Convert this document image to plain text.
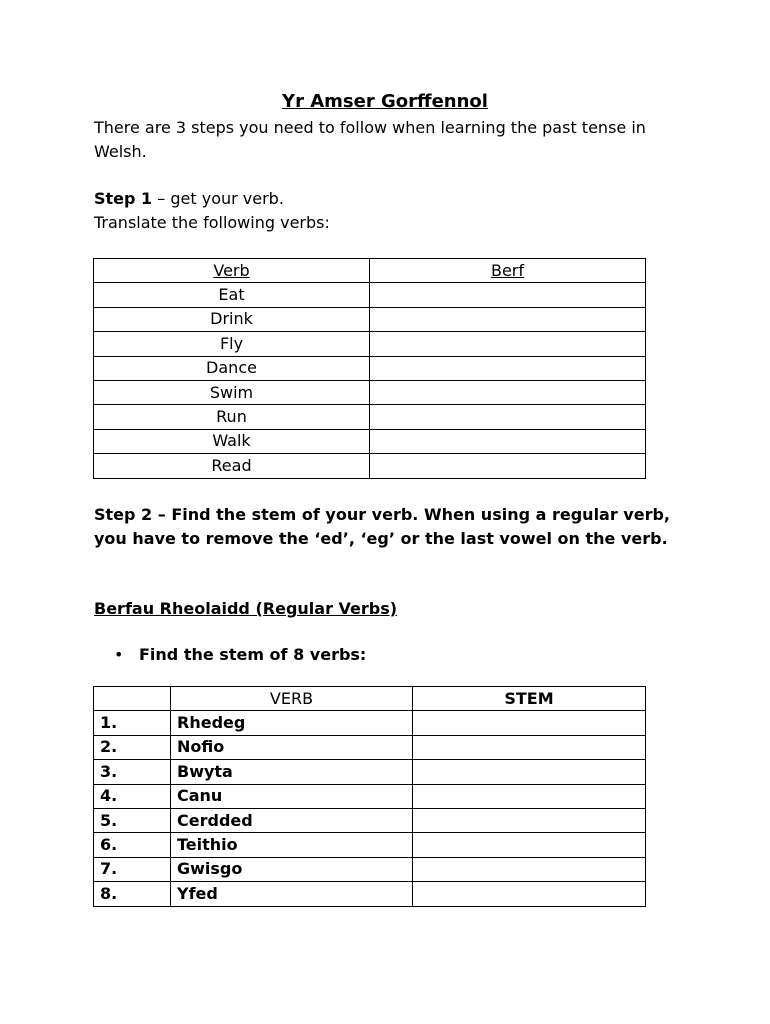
Yr Amser Gorffennol

There are 3 steps you need to follow when learning the past tense in Welsh.

Step 1 – get your verb.

Translate the following verbs:

Verb	Berf
Eat	
Drink	
Fly	
Dance	
Swim	
Run	
Walk	
Read	

Step 2 – Find the stem of your verb. When using a regular verb, you have to remove the ‘ed’, ‘eg’ or the last vowel on the verb.

Berfau Rheolaidd (Regular Verbs)

• Find the stem of 8 verbs:

	VERB	STEM
1.	Rhedeg	
2.	Nofio	
3.	Bwyta	
4.	Canu	
5.	Cerdded	
6.	Teithio	
7.	Gwisgo	
8.	Yfed	
